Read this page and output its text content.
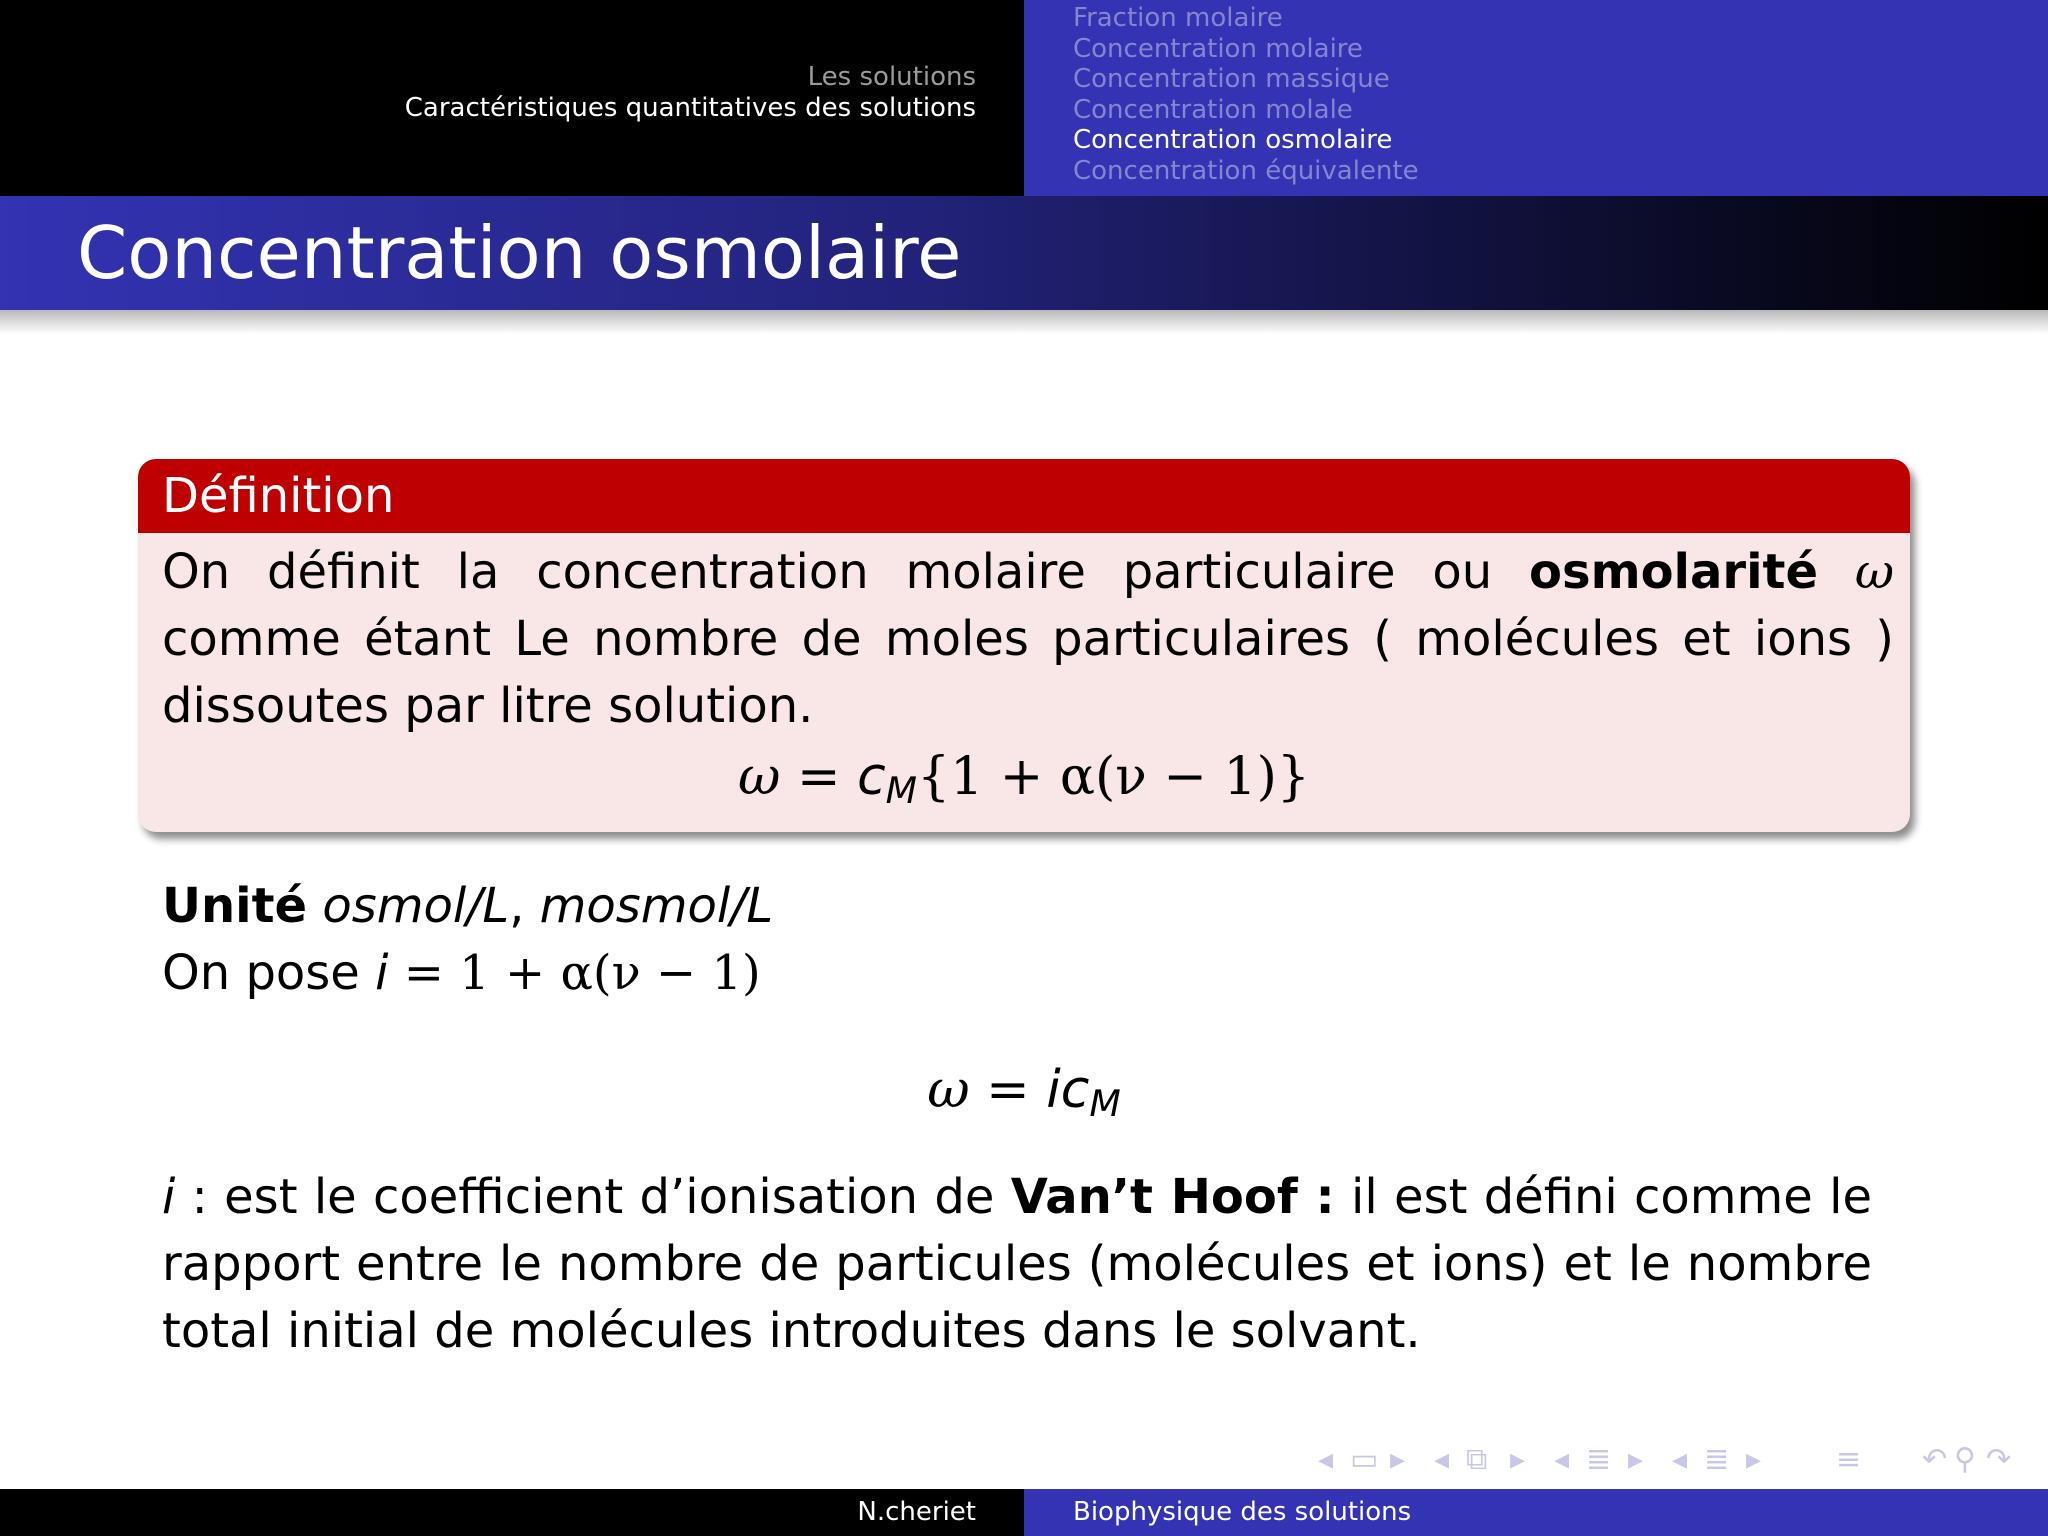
Les solutions
Caractéristiques quantitatives des solutions
Fraction molaire
Concentration molaire
Concentration massique
Concentration molale
Concentration osmolaire
Concentration équivalente
Concentration osmolaire
Définition

On définit la concentration molaire particulaire ou osmolarité ω comme étant Le nombre de moles particulaires ( molécules et ions ) dissoutes par litre solution.

$\omega = c_M\{1 + \alpha(\nu - 1)\}$
Unité osmol/L, mosmol/L
On pose i = 1 + α(ν − 1)
$\omega = ic_M$

i : est le coefficient d’ionisation de Van’t Hoof : il est défini comme le rapport entre le nombre de particules (molécules et ions) et le nombre total initial de molécules introduites dans le solvant.

◂ ▭ ▸ ◂ ⧉ ▸ ◂ ≣ ▸ ◂ ≣ ▸ ≡ ↶ ⚲ ↷
N.cheriet	Biophysique des solutions
